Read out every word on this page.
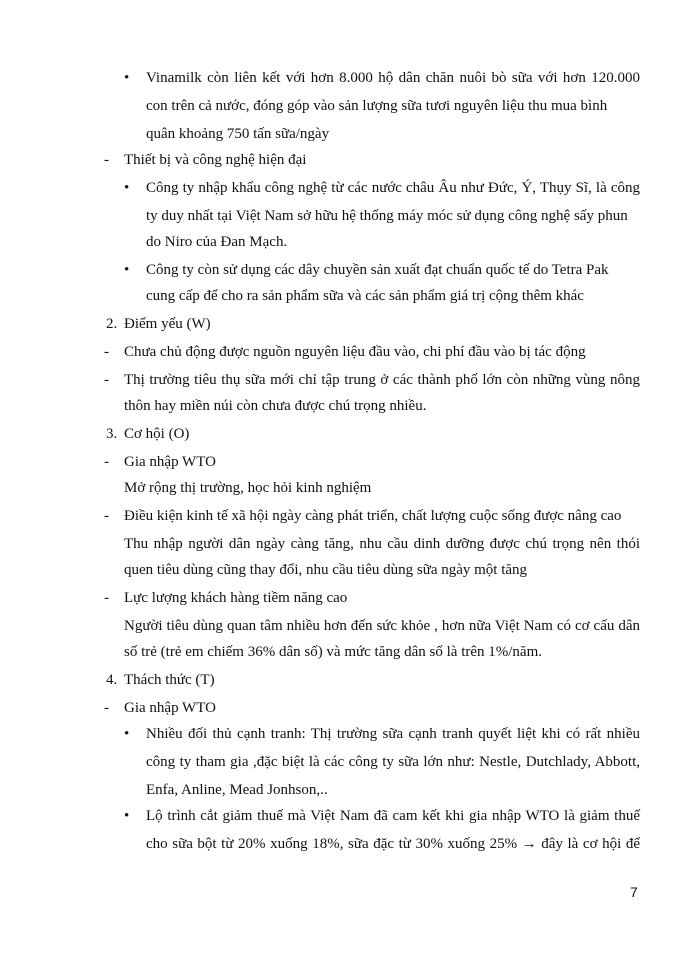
• Vinamilk còn liên kết với hơn 8.000 hộ dân chăn nuôi bò sữa với hơn 120.000
con trên cả nước, đóng góp vào sản lượng sữa tươi nguyên liệu thu mua bình
quân khoảng 750 tấn sữa/ngày
- Thiết bị và công nghệ hiện đại
• Công ty nhập khẩu công nghệ từ các nước châu Âu như Đức, Ý, Thụy Sĩ, là công
ty duy nhất tại Việt Nam sở hữu hệ thống máy móc sử dụng công nghệ sấy phun
do Niro của Đan Mạch.
• Công ty còn sử dụng các dây chuyền sản xuất đạt chuẩn quốc tế do Tetra Pak
cung cấp để cho ra sản phẩm sữa và các sản phẩm giá trị cộng thêm khác
2. Điểm yếu (W)
- Chưa chủ động được nguồn nguyên liệu đầu vào, chi phí đầu vào bị tác động
- Thị trường tiêu thụ sữa mới chỉ tập trung ở các thành phố lớn còn những vùng nông
thôn hay miền núi còn chưa được chú trọng nhiều.
3. Cơ hội (O)
- Gia nhập WTO
Mở rộng thị trường, học hỏi kinh nghiệm
- Điều kiện kinh tế xã hội ngày càng phát triển, chất lượng cuộc sống được nâng cao
Thu nhập người dân ngày càng tăng, nhu cầu dinh dưỡng được chú trọng nên thói
quen tiêu dùng cũng thay đổi, nhu cầu tiêu dùng sữa ngày một tăng
- Lực lượng khách hàng tiềm năng cao
Người tiêu dùng quan tâm nhiều hơn đến sức khỏe , hơn nữa Việt Nam có cơ cấu dân
số trẻ (trẻ em chiếm 36% dân số) và mức tăng dân số là trên 1%/năm.
4. Thách thức (T)
- Gia nhập WTO
• Nhiều đối thủ cạnh tranh: Thị trường sữa cạnh tranh quyết liệt khi có rất nhiều
công ty tham gia ,đặc biệt là các công ty sữa lớn như: Nestle, Dutchlady, Abbott,
Enfa, Anline, Mead Jonhson,..
• Lộ trình cắt giảm thuế mà Việt Nam đã cam kết khi gia nhập WTO là giảm thuế
cho sữa bột từ 20% xuống 18%, sữa đặc từ 30% xuống 25% → đây là cơ hội để
7
